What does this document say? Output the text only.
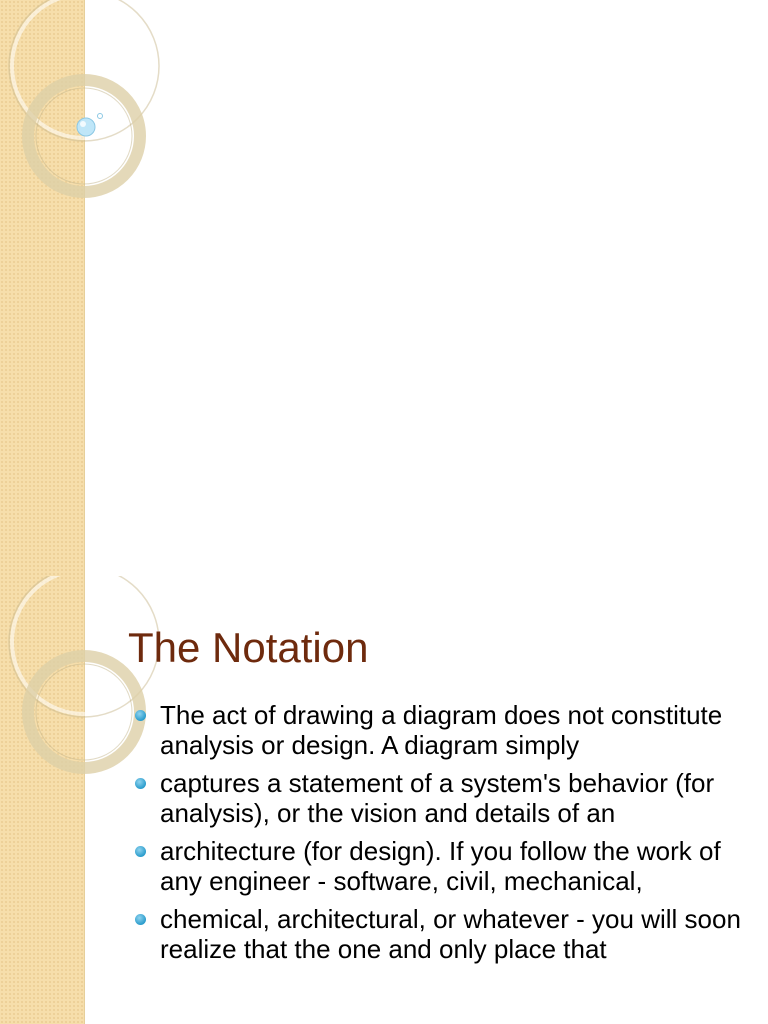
The Notation
The act of drawing a diagram does not constitute analysis or design. A diagram simply
captures a statement of a system's behavior (for analysis), or the vision and details of an
architecture (for design). If you follow the work of any engineer - software, civil, mechanical,
chemical, architectural, or whatever - you will soon realize that the one and only place that
